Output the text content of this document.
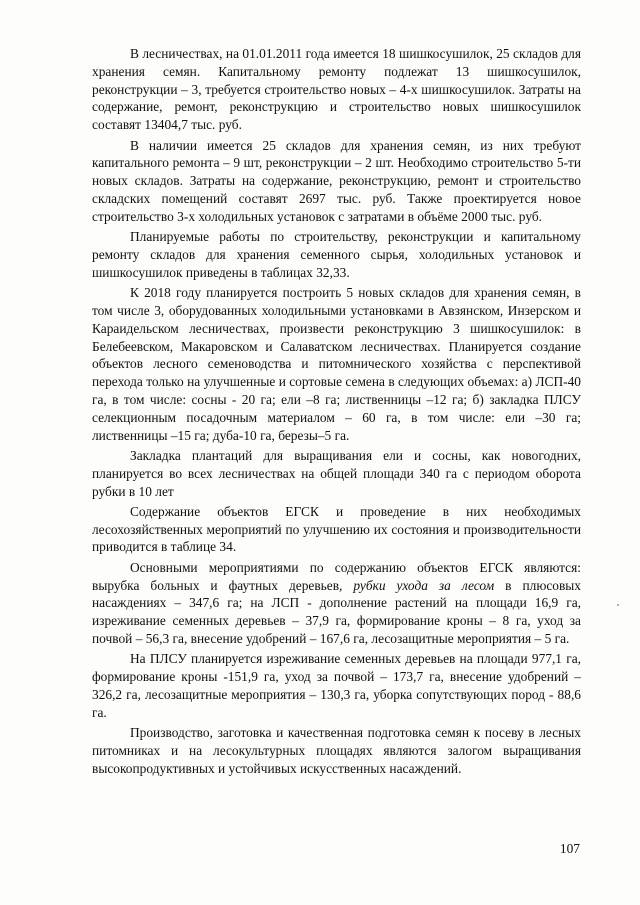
В лесничествах, на 01.01.2011 года имеется 18 шишкосушилок, 25 складов для хранения семян. Капитальному ремонту подлежат 13 шишкосушилок, реконструкции – 3, требуется строительство новых – 4-х шишкосушилок. Затраты на содержание, ремонт, реконструкцию и строительство новых шишкосушилок составят 13404,7 тыс. руб.

В наличии имеется 25 складов для хранения семян, из них требуют капитального ремонта – 9 шт, реконструкции – 2 шт. Необходимо строительство 5-ти новых складов. Затраты на содержание, реконструкцию, ремонт и строительство складских помещений составят 2697 тыс. руб. Также проектируется новое строительство 3-х холодильных установок с затратами в объёме 2000 тыс. руб.

Планируемые работы по строительству, реконструкции и капитальному ремонту складов для хранения семенного сырья, холодильных установок и шишкосушилок приведены в таблицах 32,33.

К 2018 году планируется построить 5 новых складов для хранения семян, в том числе 3, оборудованных холодильными установками в Авзянском, Инзерском и Караидельском лесничествах, произвести реконструкцию 3 шишкосушилок: в Белебеевском, Макаровском и Салаватском лесничествах. Планируется создание объектов лесного семеноводства и питомнического хозяйства с перспективой перехода только на улучшенные и сортовые семена в следующих объемах: а) ЛСП-40 га, в том числе: сосны - 20 га; ели –8 га; лиственницы –12 га; б) закладка ПЛСУ селекционным посадочным материалом – 60 га, в том числе: ели –30 га; лиственницы –15 га; дуба-10 га, березы–5 га.

Закладка плантаций для выращивания ели и сосны, как новогодних, планируется во всех лесничествах на общей площади 340 га с периодом оборота рубки в 10 лет

Содержание объектов ЕГСК и проведение в них необходимых лесохозяйственных мероприятий по улучшению их состояния и производительности приводится в таблице 34.

Основными мероприятиями по содержанию объектов ЕГСК являются: вырубка больных и фаутных деревьев, рубки ухода за лесом в плюсовых насаждениях – 347,6 га; на ЛСП - дополнение растений на площади 16,9 га, изреживание семенных деревьев – 37,9 га, формирование кроны – 8 га, уход за почвой – 56,3 га, внесение удобрений – 167,6 га, лесозащитные мероприятия – 5 га.

На ПЛСУ планируется изреживание семенных деревьев на площади 977,1 га, формирование кроны -151,9 га, уход за почвой – 173,7 га, внесение удобрений – 326,2 га, лесозащитные мероприятия – 130,3 га, уборка сопутствующих пород - 88,6 га.

Производство, заготовка и качественная подготовка семян к посеву в лесных питомниках и на лесокультурных площадях являются залогом выращивания высокопродуктивных и устойчивых искусственных насаждений.

107
